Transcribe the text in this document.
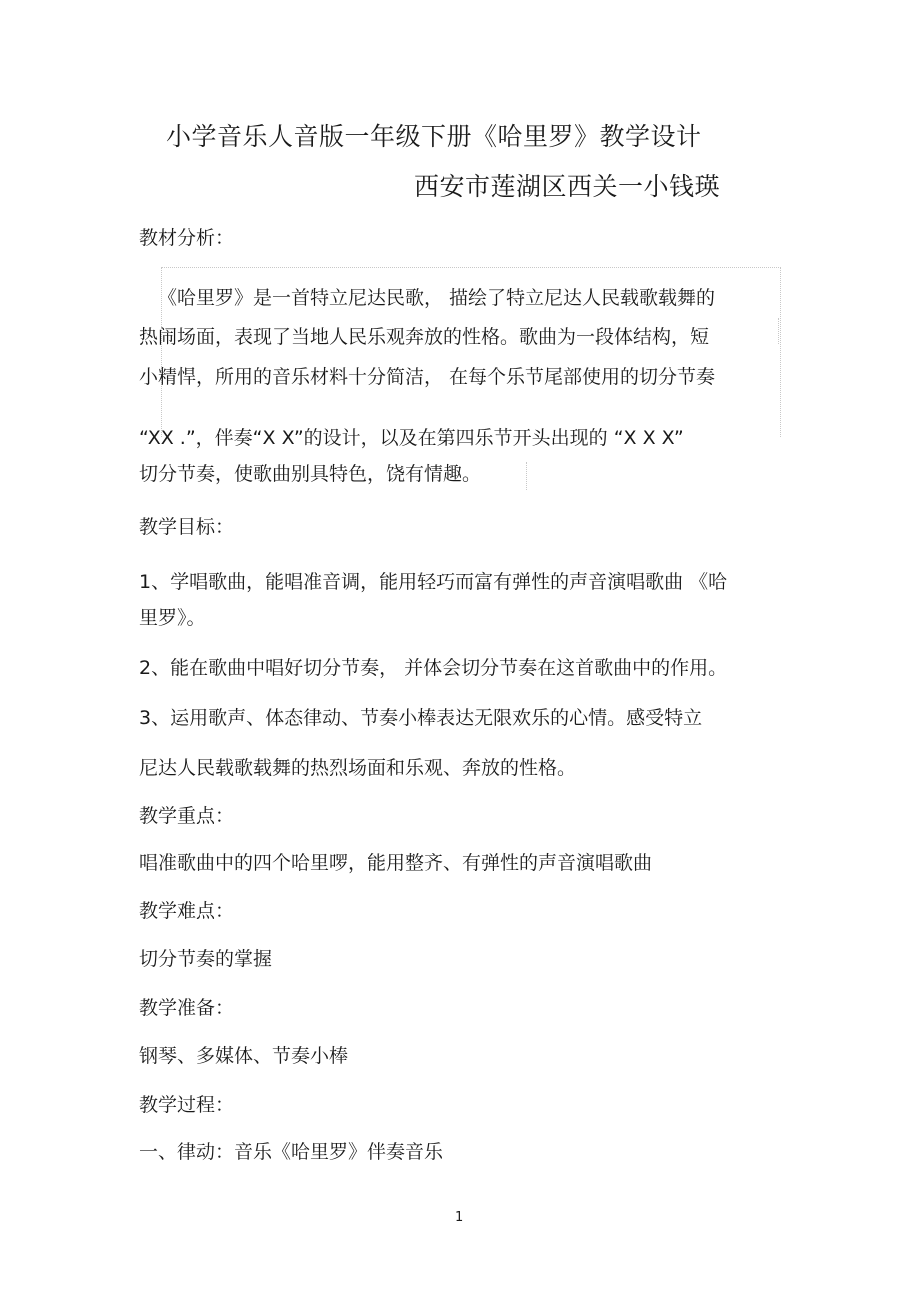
小学音乐人音版一年级下册《哈里罗》教学设计
西安市莲湖区西关一小钱瑛
教材分析：
《哈里罗》是一首特立尼达民歌， 描绘了特立尼达人民载歌载舞的
热闹场面，表现了当地人民乐观奔放的性格。歌曲为一段体结构，短
小精悍，所用的音乐材料十分简洁， 在每个乐节尾部使用的切分节奏
“XX .”，伴奏“X X”的设计，以及在第四乐节开头出现的 “X X X”
切分节奏，使歌曲别具特色，饶有情趣。
教学目标：
1、学唱歌曲，能唱准音调，能用轻巧而富有弹性的声音演唱歌曲 《哈
里罗》。
2、能在歌曲中唱好切分节奏， 并体会切分节奏在这首歌曲中的作用。
3、运用歌声、体态律动、节奏小棒表达无限欢乐的心情。感受特立
尼达人民载歌载舞的热烈场面和乐观、奔放的性格。
教学重点：
唱准歌曲中的四个哈里啰，能用整齐、有弹性的声音演唱歌曲
教学难点：
切分节奏的掌握
教学准备：
钢琴、多媒体、节奏小棒
教学过程：
一、律动：音乐《哈里罗》伴奏音乐
1
